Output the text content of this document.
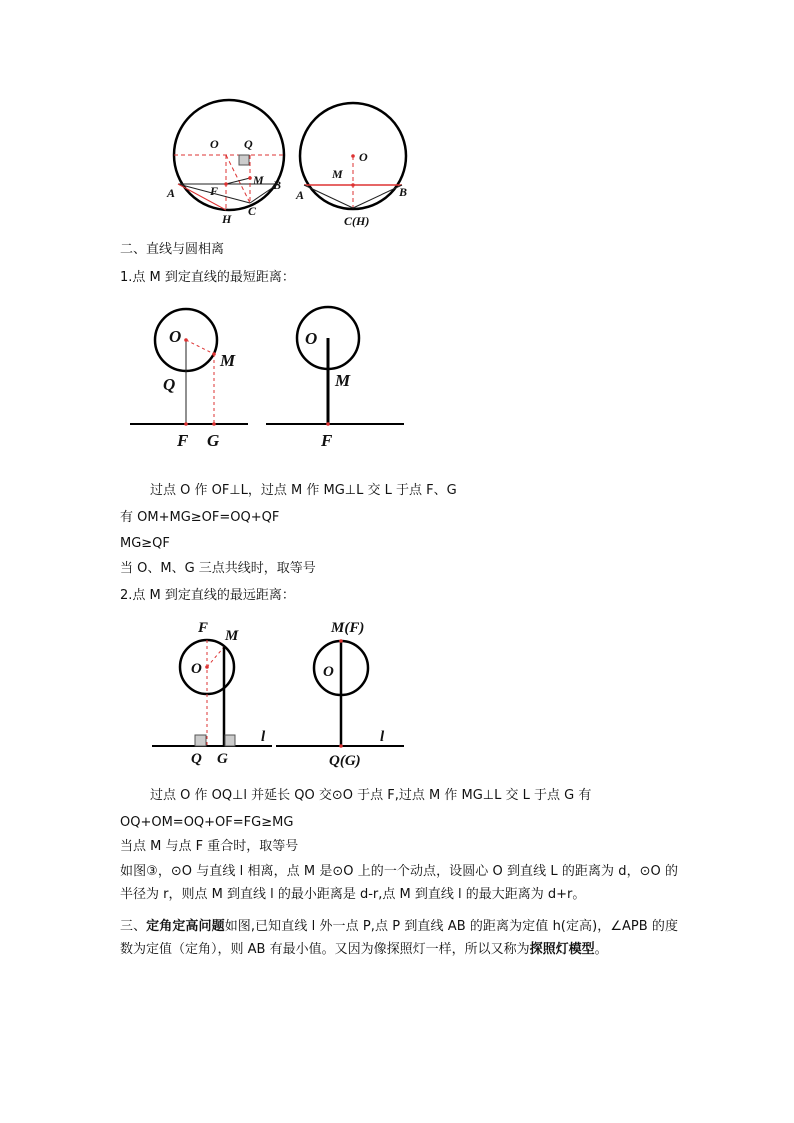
O Q
M B
A	F
H
C
O
M
A	B
C(H)
二、直线与圆相离
1.点 M 到定直线的最短距离：
O
M
Q
F G
O
M
F
过点 O 作 OF⊥L，过点 M 作 MG⊥L 交 L 于点 F、G
有 OM+MG≥OF=OQ+QF
MG≥QF
当 O、M、G 三点共线时，取等号
2.点 M 到定直线的最远距离：
F M
O
l
Q G
M(F)
O
l
Q(G)
过点 O 作 OQ⊥l 并延长 QO 交⊙O 于点 F,过点 M 作 MG⊥L 交 L 于点 G 有
OQ+OM=OQ+OF=FG≥MG
当点 M 与点 F 重合时，取等号
如图③，⊙O 与直线 l 相离，点 M 是⊙O 上的一个动点，设圆心 O 到直线 L 的距离为 d，⊙O 的半径为 r，则点 M 到直线 l 的最小距离是 d-r,点 M 到直线 l 的最大距离为 d+r。
三、定角定高问题如图,已知直线 l 外一点 P,点 P 到直线 AB 的距离为定值 h(定高)，∠APB 的度数为定值（定角），则 AB 有最小值。又因为像探照灯一样，所以又称为探照灯模型。
